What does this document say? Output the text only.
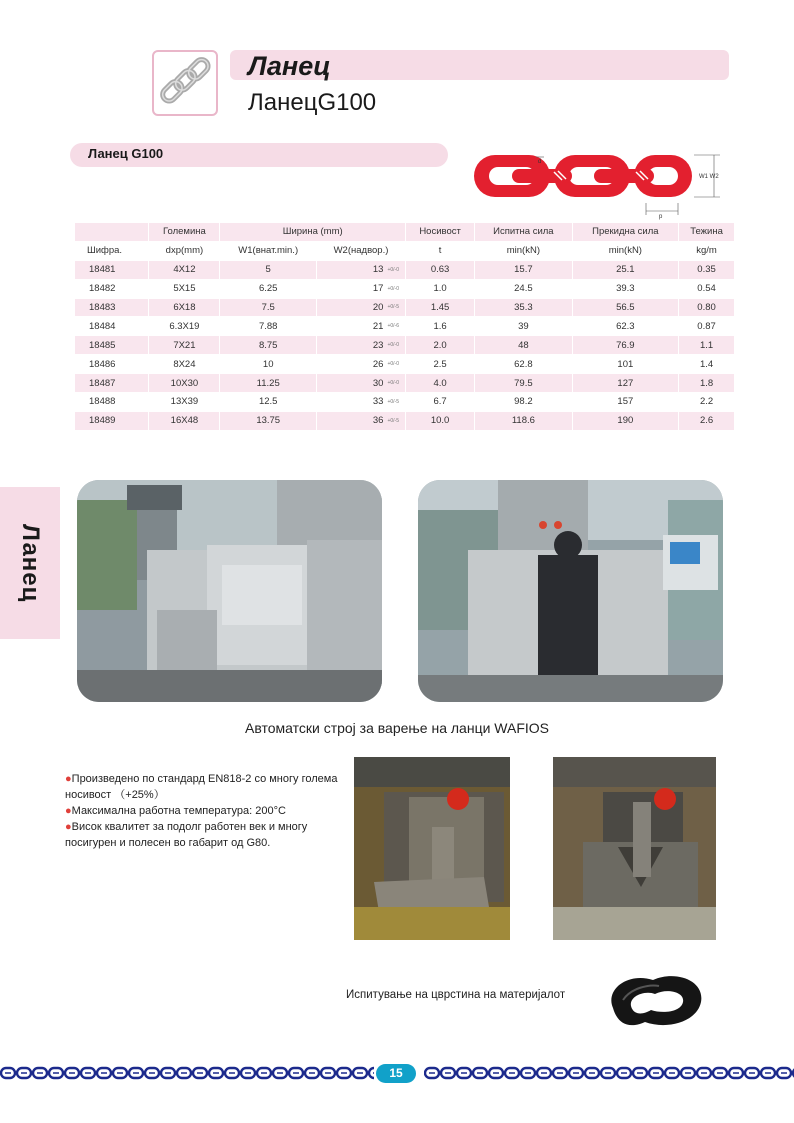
Ланец
ЛанецG100
Ланец G100
d
W1 W2
p
	Големина	Ширина (mm)		Носивост	Испитна сила	Прекидна сила	Тежина
Шифра.	dxp(mm)	W1(внат.min.)	W2(надвор.)	t	min(kN)	min(kN)	kg/m
18481	4X12	5	13 +0/-0	0.63	15.7	25.1	0.35
18482	5X15	6.25	17 +0/-0	1.0	24.5	39.3	0.54
18483	6X18	7.5	20 +0/-5	1.45	35.3	56.5	0.80
18484	6.3X19	7.88	21 +0/-6	1.6	39	62.3	0.87
18485	7X21	8.75	23 +0/-0	2.0	48	76.9	1.1
18486	8X24	10	26 +0/-0	2.5	62.8	101	1.4
18487	10X30	11.25	30 +0/-0	4.0	79.5	127	1.8
18488	13X39	12.5	33 +0/-5	6.7	98.2	157	2.2
18489	16X48	13.75	36 +0/-5	10.0	118.6	190	2.6
Ланец
Автоматски строј за варење на ланци WAFIOS
●Произведено по стандард EN818-2 со многу голема носивост （+25%）
●Максимална работна температура: 200°C
●Висок квалитет за подолг работен век и многу посигурен и полесен во габарит од G80.
Испитување на цврстина на материјалот
15
